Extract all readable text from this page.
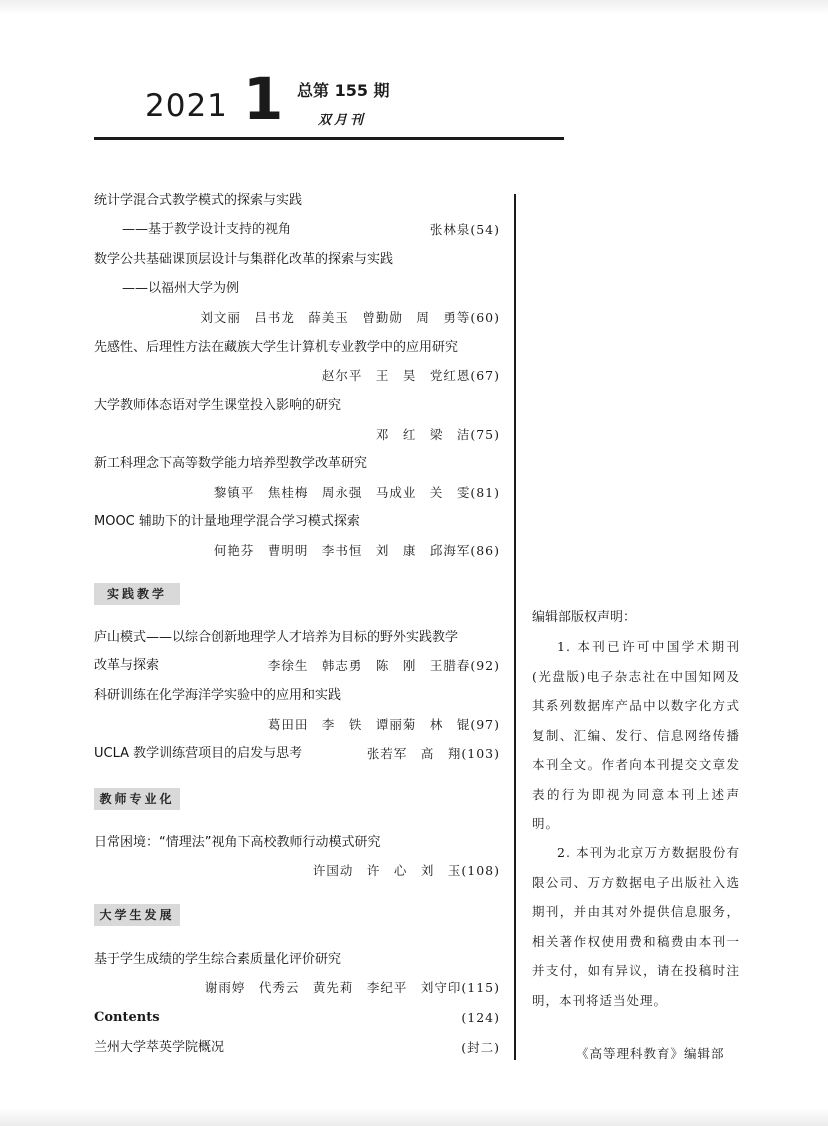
2021 1 总第 155 期
双月刊
统计学混合式教学模式的探索与实践
——基于教学设计支持的视角	张林泉(54)
数学公共基础课顶层设计与集群化改革的探索与实践
——以福州大学为例
刘文丽　吕书龙　薛美玉　曾勤勋　周　勇等(60)
先感性、后理性方法在藏族大学生计算机专业教学中的应用研究
赵尔平　王　昊　党红恩(67)
大学教师体态语对学生课堂投入影响的研究
邓　红　梁　洁(75)
新工科理念下高等数学能力培养型教学改革研究
黎镇平　焦桂梅　周永强　马成业　关　雯(81)
MOOC 辅助下的计量地理学混合学习模式探索
何艳芬　曹明明　李书恒　刘　康　邱海军(86)
实践教学
庐山模式——以综合创新地理学人才培养为目标的野外实践教学
改革与探索	李徐生　韩志勇　陈　刚　王腊春(92)
科研训练在化学海洋学实验中的应用和实践
葛田田　李　铁　谭丽菊　林　锟(97)
UCLA 教学训练营项目的启发与思考	张若军　高　翔(103)
教师专业化
日常困境：“情理法”视角下高校教师行动模式研究
许国动　许　心　刘　玉(108)
大学生发展
基于学生成绩的学生综合素质量化评价研究
谢雨婷　代秀云　黄先莉　李纪平　刘守印(115)
Contents	(124)
兰州大学萃英学院概况	(封二)
编辑部版权声明：
1. 本刊已许可中国学术期刊(光盘版)电子杂志社在中国知网及其系列数据库产品中以数字化方式复制、汇编、发行、信息网络传播本刊全文。作者向本刊提交文章发表的行为即视为同意本刊上述声明。
2. 本刊为北京万方数据股份有限公司、万方数据电子出版社入选期刊，并由其对外提供信息服务，相关著作权使用费和稿费由本刊一并支付，如有异议，请在投稿时注明，本刊将适当处理。
《高等理科教育》编辑部
